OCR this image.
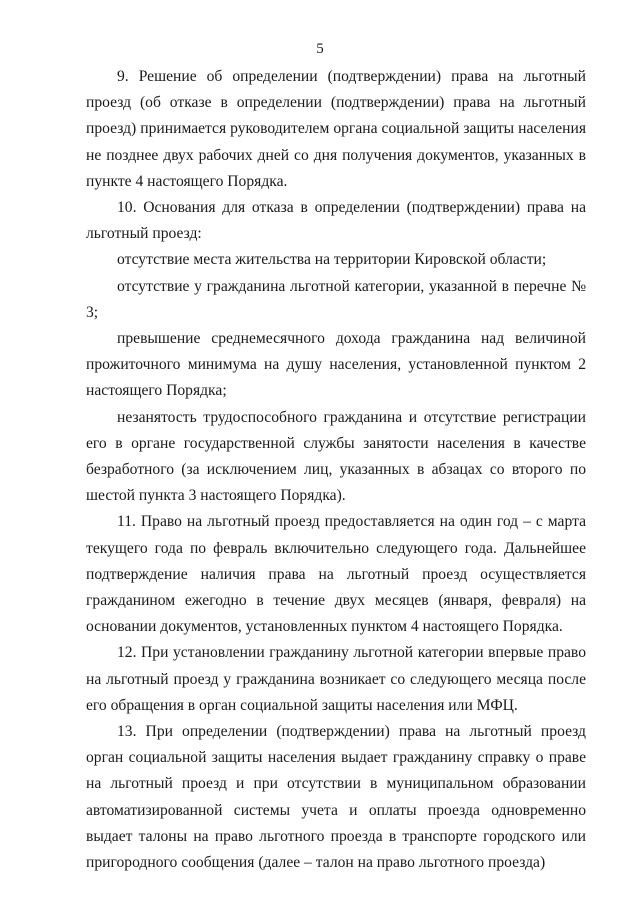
5

9. Решение об определении (подтверждении) права на льготный проезд (об отказе в определении (подтверждении) права на льготный проезд) принимается руководителем органа социальной защиты населения не позднее двух рабочих дней со дня получения документов, указанных в пункте 4 настоящего Порядка.

10. Основания для отказа в определении (подтверждении) права на льготный проезд:

отсутствие места жительства на территории Кировской области;

отсутствие у гражданина льготной категории, указанной в перечне № 3;

превышение среднемесячного дохода гражданина над величиной прожиточного минимума на душу населения, установленной пунктом 2 настоящего Порядка;

незанятость трудоспособного гражданина и отсутствие регистрации его в органе государственной службы занятости населения в качестве безработного (за исключением лиц, указанных в абзацах со второго по шестой пункта 3 настоящего Порядка).

11. Право на льготный проезд предоставляется на один год – с марта текущего года по февраль включительно следующего года. Дальнейшее подтверждение наличия права на льготный проезд осуществляется гражданином ежегодно в течение двух месяцев (января, февраля) на основании документов, установленных пунктом 4 настоящего Порядка.

12. При установлении гражданину льготной категории впервые право на льготный проезд у гражданина возникает со следующего месяца после его обращения в орган социальной защиты населения или МФЦ.

13. При определении (подтверждении) права на льготный проезд орган социальной защиты населения выдает гражданину справку о праве на льготный проезд и при отсутствии в муниципальном образовании автоматизированной системы учета и оплаты проезда одновременно выдает талоны на право льготного проезда в транспорте городского или пригородного сообщения (далее – талон на право льготного проезда)
